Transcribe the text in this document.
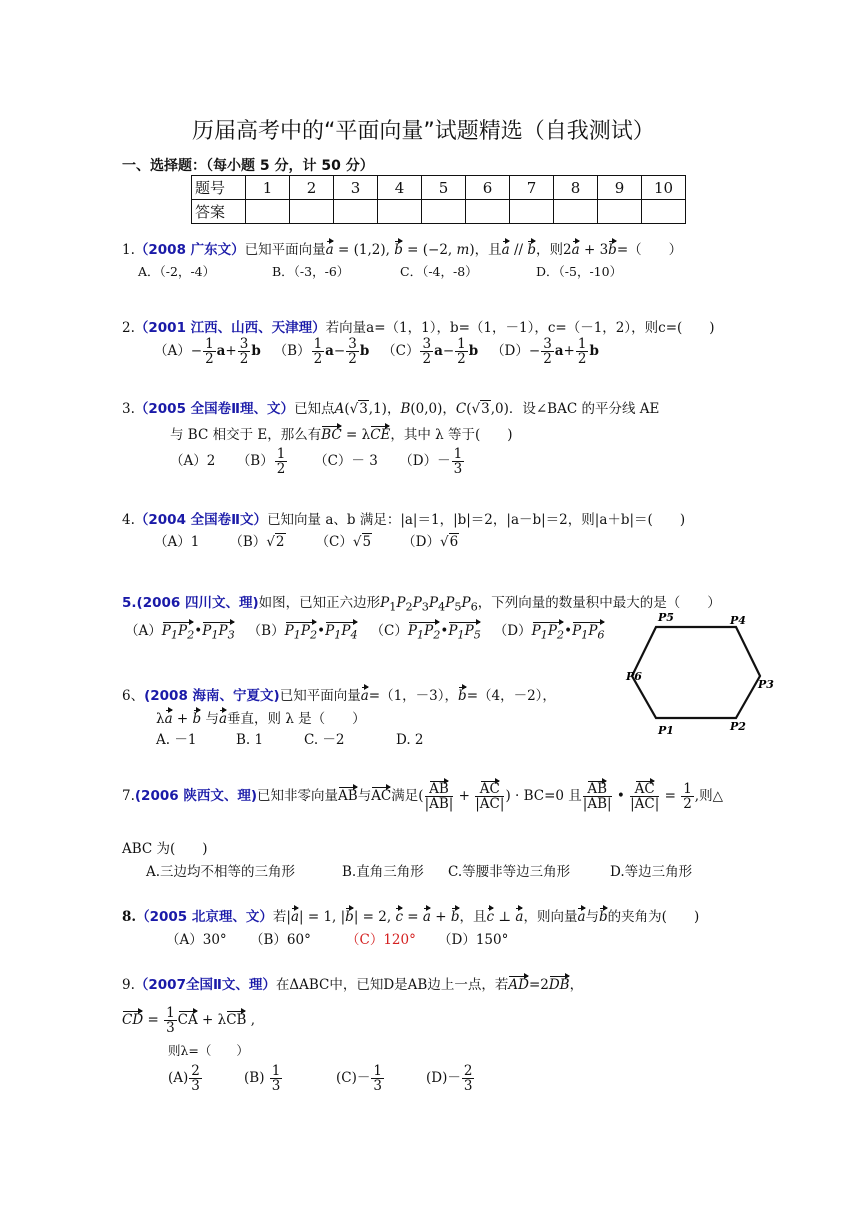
历届高考中的“平面向量”试题精选（自我测试）
一、选择题：（每小题 5 分，计 50 分）
题号	1	2	3	4	5	6	7	8	9	10
答案										
1.（2008 广东文）已知平面向量a = (1,2), b = (−2, m)，且a // b，则2a + 3b=（　　）
A．（-2，-4）	B．（-3，-6）	C．（-4，-8）	D．（-5，-10）
2.（2001 江西、山西、天津理）若向量a=（1，1），b=（1，－1），c=（－1，2），则c=(　　)
$(A)- \frac{1}{2} a+ \frac{3}{2}$ b $(B) \frac{1}{2} a- \frac{3}{2}$ b $(C) \frac{3}{2} a- \frac{1}{2}$ b $(D)- \frac{3}{2} a+ \frac{1}{2}$ b
3.（2005 全国卷Ⅱ理、文）已知点A(√3,1)，B(0,0)，C(√3,0)．设∠BAC 的平分线 AE
与 BC 相交于 E，那么有BC = λCE，其中 λ 等于(　　)
（A）2 $(B) \frac{1}{2} (C)- 3$ $(D)- \frac{1}{3}$
4.（2004 全国卷Ⅱ文）已知向量 a、b 满足：|a|＝1，|b|＝2，|a－b|＝2，则|a＋b|＝(　　)
（A）1 （B）√2 （C）√5 （D）√6
5.(2006 四川文、理)如图，已知正六边形$P_1P_2P_3P_4P_5P_6$，下列向量的数量积中最大的是（　　）
$(A)P_1P_2•P_1P_3$ $(B)P_1P_2•P_1P_4$ $(C)P_1P_2•P_1P_5$ $(D)P_1P_2•P_1P_6$
P1	P2
P3
P4
P5
P6
6、(2008 海南、宁夏文)已知平面向量a=（1，－3），b=（4，－2），
λa + b 与a垂直，则 λ 是（　　）
A. －1	B. 1	C. －2	D. 2
7.(2006 陕西文、理)已知非零向量AB与AC满足( $\frac{AB}{|AB|} + \frac{AC}{|AC|}$ ) · BC=0 且 $\frac{AB}{|AB|}$ • $\frac{AC}{|AC|} = \frac{1}{2}$ ,则△
ABC 为(　　)
A.三边均不相等的三角形	B.直角三角形 C.等腰非等边三角形	D.等边三角形
8.（2005 北京理、文）若|a| = 1, |b| = 2, c = a + b，且c ⊥ a，则向量a与b的夹角为(　　)
（A）30° （B）60°	（C）120° （D）150°
9.（2007全国Ⅱ文、理）在ΔABC中，已知D是AB边上一点，若AD=2DB，
CD = $\frac{1}{3}$ CA + λCB ,
则λ=（　　）
$(A) \frac{2}{3}$	$(B) \frac{1}{3}$	$(C)- \frac{1}{3}$	$(D)- \frac{2}{3}$
